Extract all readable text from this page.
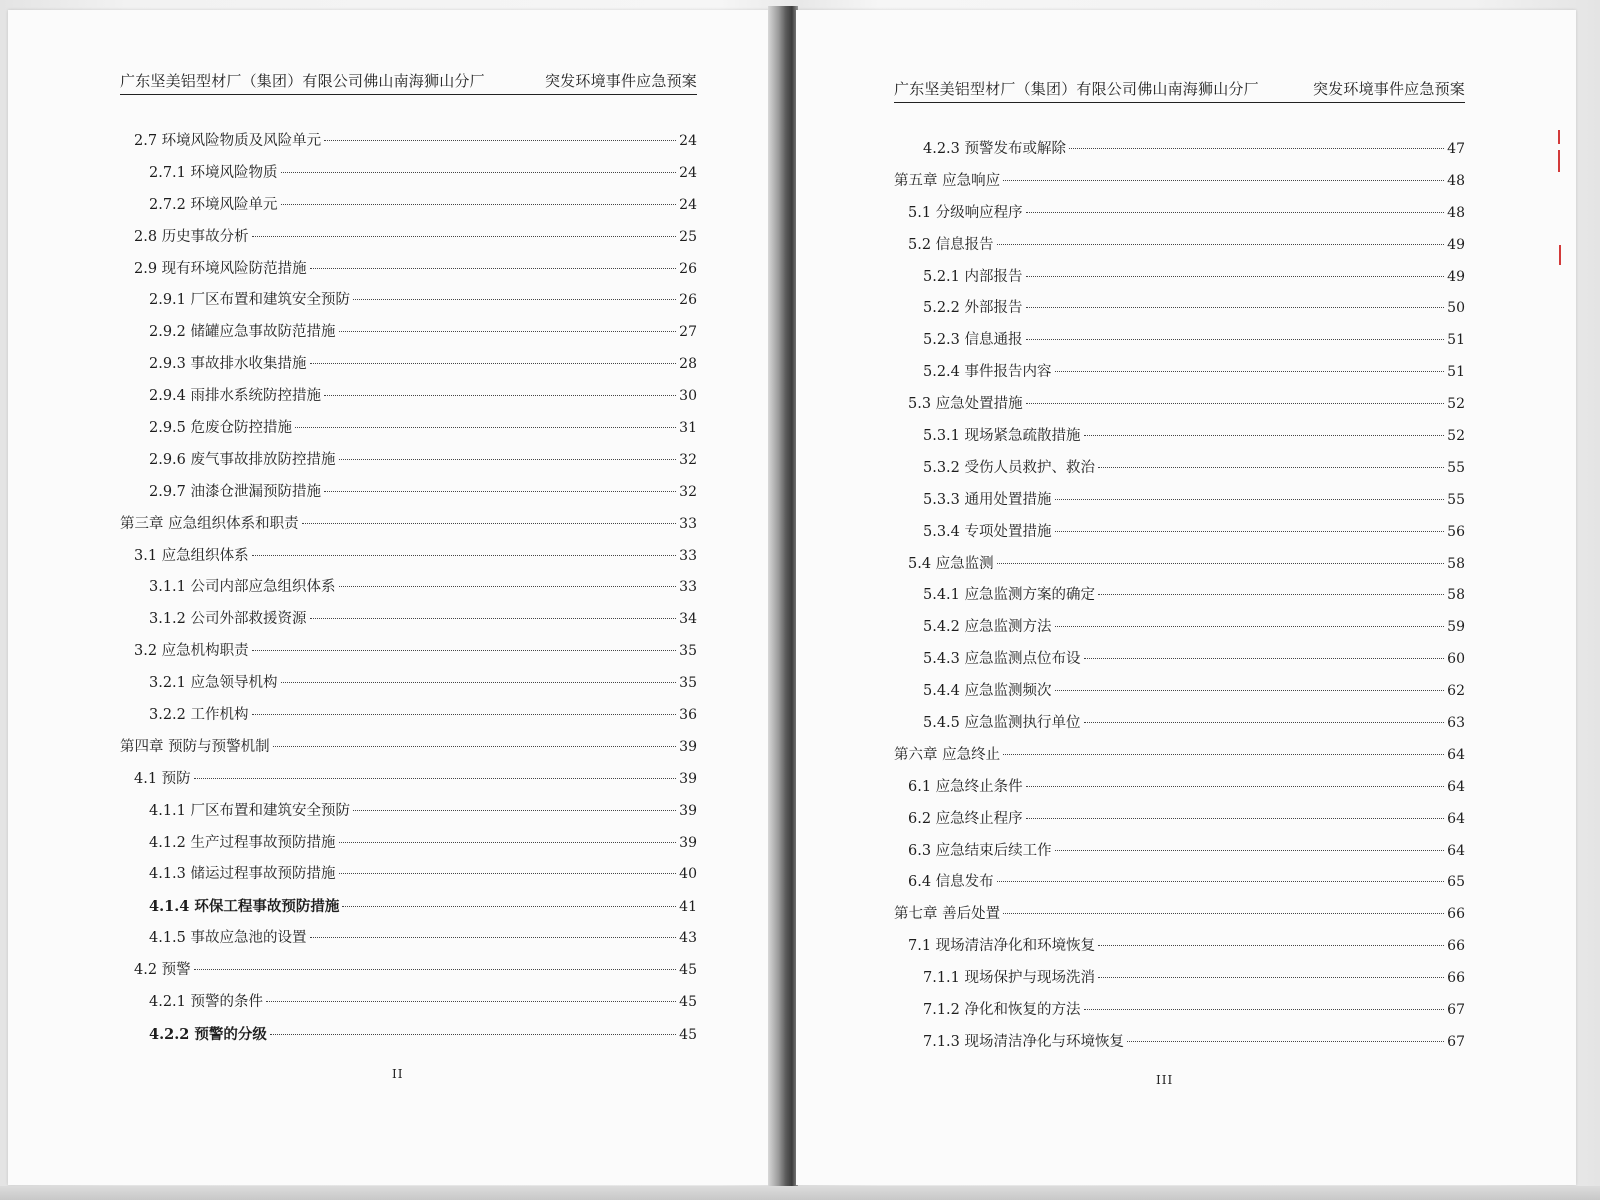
广东坚美铝型材厂（集团）有限公司佛山南海狮山分厂	突发环境事件应急预案
2.7 环境风险物质及风险单元	24
2.7.1 环境风险物质	24
2.7.2 环境风险单元	24
2.8 历史事故分析	25
2.9 现有环境风险防范措施	26
2.9.1 厂区布置和建筑安全预防	26
2.9.2 储罐应急事故防范措施	27
2.9.3 事故排水收集措施	28
2.9.4 雨排水系统防控措施	30
2.9.5 危废仓防控措施	31
2.9.6 废气事故排放防控措施	32
2.9.7 油漆仓泄漏预防措施	32
第三章 应急组织体系和职责	33
3.1 应急组织体系	33
3.1.1 公司内部应急组织体系	33
3.1.2 公司外部救援资源	34
3.2 应急机构职责	35
3.2.1 应急领导机构	35
3.2.2 工作机构	36
第四章 预防与预警机制	39
4.1 预防	39
4.1.1 厂区布置和建筑安全预防	39
4.1.2 生产过程事故预防措施	39
4.1.3 储运过程事故预防措施	40
4.1.4 环保工程事故预防措施	41
4.1.5 事故应急池的设置	43
4.2 预警	45
4.2.1 预警的条件	45
4.2.2 预警的分级	45
II
广东坚美铝型材厂（集团）有限公司佛山南海狮山分厂	突发环境事件应急预案
4.2.3 预警发布或解除	47
第五章 应急响应	48
5.1 分级响应程序	48
5.2 信息报告	49
5.2.1 内部报告	49
5.2.2 外部报告	50
5.2.3 信息通报	51
5.2.4 事件报告内容	51
5.3 应急处置措施	52
5.3.1 现场紧急疏散措施	52
5.3.2 受伤人员救护、救治	55
5.3.3 通用处置措施	55
5.3.4 专项处置措施	56
5.4 应急监测	58
5.4.1 应急监测方案的确定	58
5.4.2 应急监测方法	59
5.4.3 应急监测点位布设	60
5.4.4 应急监测频次	62
5.4.5 应急监测执行单位	63
第六章 应急终止	64
6.1 应急终止条件	64
6.2 应急终止程序	64
6.3 应急结束后续工作	64
6.4 信息发布	65
第七章 善后处置	66
7.1 现场清洁净化和环境恢复	66
7.1.1 现场保护与现场洗消	66
7.1.2 净化和恢复的方法	67
7.1.3 现场清洁净化与环境恢复	67
III
